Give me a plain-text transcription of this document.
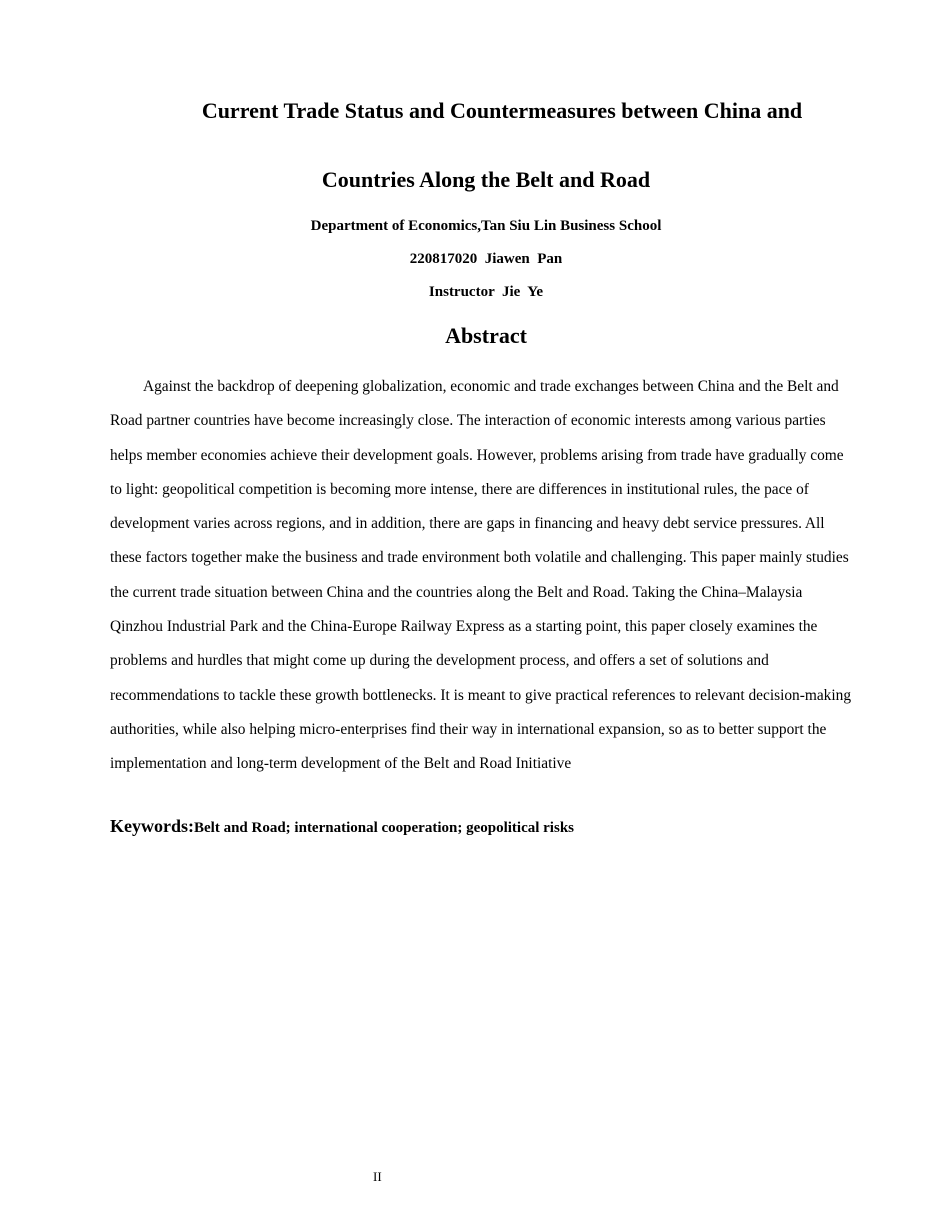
Current Trade Status and Countermeasures between China and
Countries Along the Belt and Road
Department of Economics,Tan Siu Lin Business School
220817020  Jiawen  Pan
Instructor  Jie  Ye
Abstract

Against the backdrop of deepening globalization, economic and trade exchanges between China and the Belt and Road partner countries have become increasingly close. The interaction of economic interests among various parties helps member economies achieve their development goals. However, problems arising from trade have gradually come to light: geopolitical competition is becoming more intense, there are differences in institutional rules, the pace of development varies across regions, and in addition, there are gaps in financing and heavy debt service pressures. All these factors together make the business and trade environment both volatile and challenging. This paper mainly studies the current trade situation between China and the countries along the Belt and Road. Taking the China–Malaysia Qinzhou Industrial Park and the China-Europe Railway Express as a starting point, this paper closely examines the problems and hurdles that might come up during the development process, and offers a set of solutions and recommendations to tackle these growth bottlenecks. It is meant to give practical references to relevant decision-making authorities, while also helping micro-enterprises find their way in international expansion, so as to better support the implementation and long-term development of the Belt and Road Initiative

Keywords:Belt and Road; international cooperation; geopolitical risks
II
